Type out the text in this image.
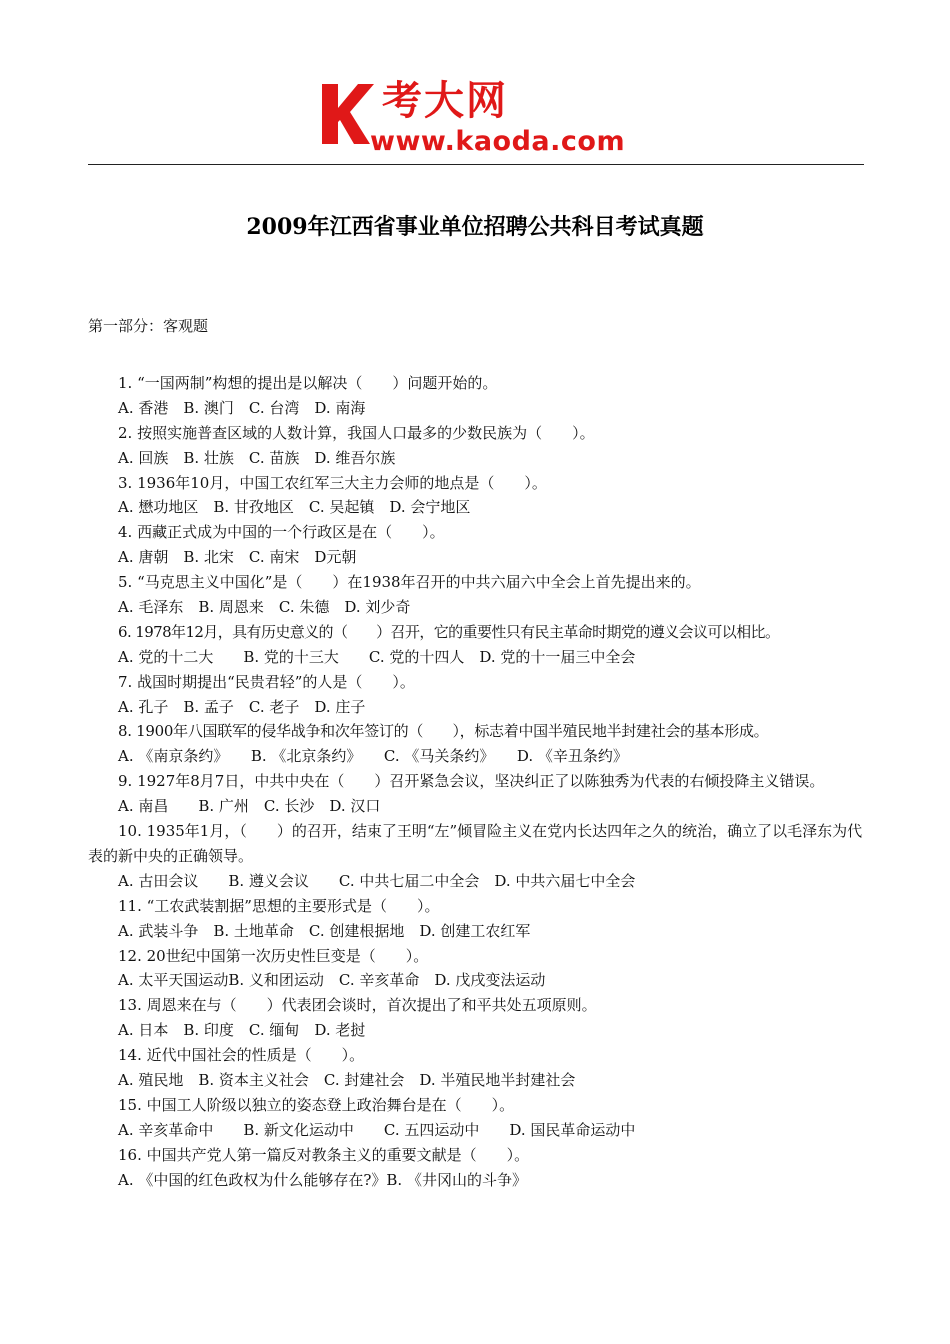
考大网
www.kaoda.com
2009年江西省事业单位招聘公共科目考试真题
第一部分：客观题
1. “一国两制”构想的提出是以解决（　　）问题开始的。
A. 香港　B. 澳门　C. 台湾　D. 南海
2. 按照实施普查区域的人数计算，我国人口最多的少数民族为（　　）。
A. 回族　B. 壮族　C. 苗族　D. 维吾尔族
3. 1936年10月，中国工农红军三大主力会师的地点是（　　）。
A. 懋功地区　B. 甘孜地区　C. 吴起镇　D. 会宁地区
4. 西藏正式成为中国的一个行政区是在（　　）。
A. 唐朝　B. 北宋　C. 南宋　D元朝
5. “马克思主义中国化”是（　　）在1938年召开的中共六届六中全会上首先提出来的。
A. 毛泽东　B. 周恩来　C. 朱德　D. 刘少奇
6. 1978年12月，具有历史意义的（　　）召开，它的重要性只有民主革命时期党的遵义会议可以相比。
A. 党的十二大　　B. 党的十三大　　C. 党的十四人　D. 党的十一届三中全会
7. 战国时期提出“民贵君轻”的人是（　　）。
A. 孔子　B. 孟子　C. 老子　D. 庄子
8. 1900年八国联军的侵华战争和次年签订的（　　），标志着中国半殖民地半封建社会的基本形成。
A. 《南京条约》　　B. 《北京条约》　　C. 《马关条约》　　D. 《辛丑条约》
9. 1927年8月7日，中共中央在（　　）召开紧急会议，坚决纠正了以陈独秀为代表的右倾投降主义错误。
A. 南昌　　B. 广州　C. 长沙　D. 汉口
10. 1935年1月，（　　）的召开，结束了王明“左”倾冒险主义在党内长达四年之久的统治，确立了以毛泽东为代表的新中央的正确领导。
A. 古田会议　　B. 遵义会议　　C. 中共七届二中全会　D. 中共六届七中全会
11. “工农武装割据”思想的主要形式是（　　）。
A. 武装斗争　B. 土地革命　C. 创建根据地　D. 创建工农红军
12. 20世纪中国第一次历史性巨变是（　　）。
A. 太平天国运动B. 义和团运动　C. 辛亥革命　D. 戊戌变法运动
13. 周恩来在与（　　）代表团会谈时，首次提出了和平共处五项原则。
A. 日本　B. 印度　C. 缅甸　D. 老挝
14. 近代中国社会的性质是（　　）。
A. 殖民地　B. 资本主义社会　C. 封建社会　D. 半殖民地半封建社会
15. 中国工人阶级以独立的姿态登上政治舞台是在（　　）。
A. 辛亥革命中　　B. 新文化运动中　　C. 五四运动中　　D. 国民革命运动中
16. 中国共产党人第一篇反对教条主义的重要文献是（　　）。
A. 《中国的红色政权为什么能够存在?》B. 《井冈山的斗争》
